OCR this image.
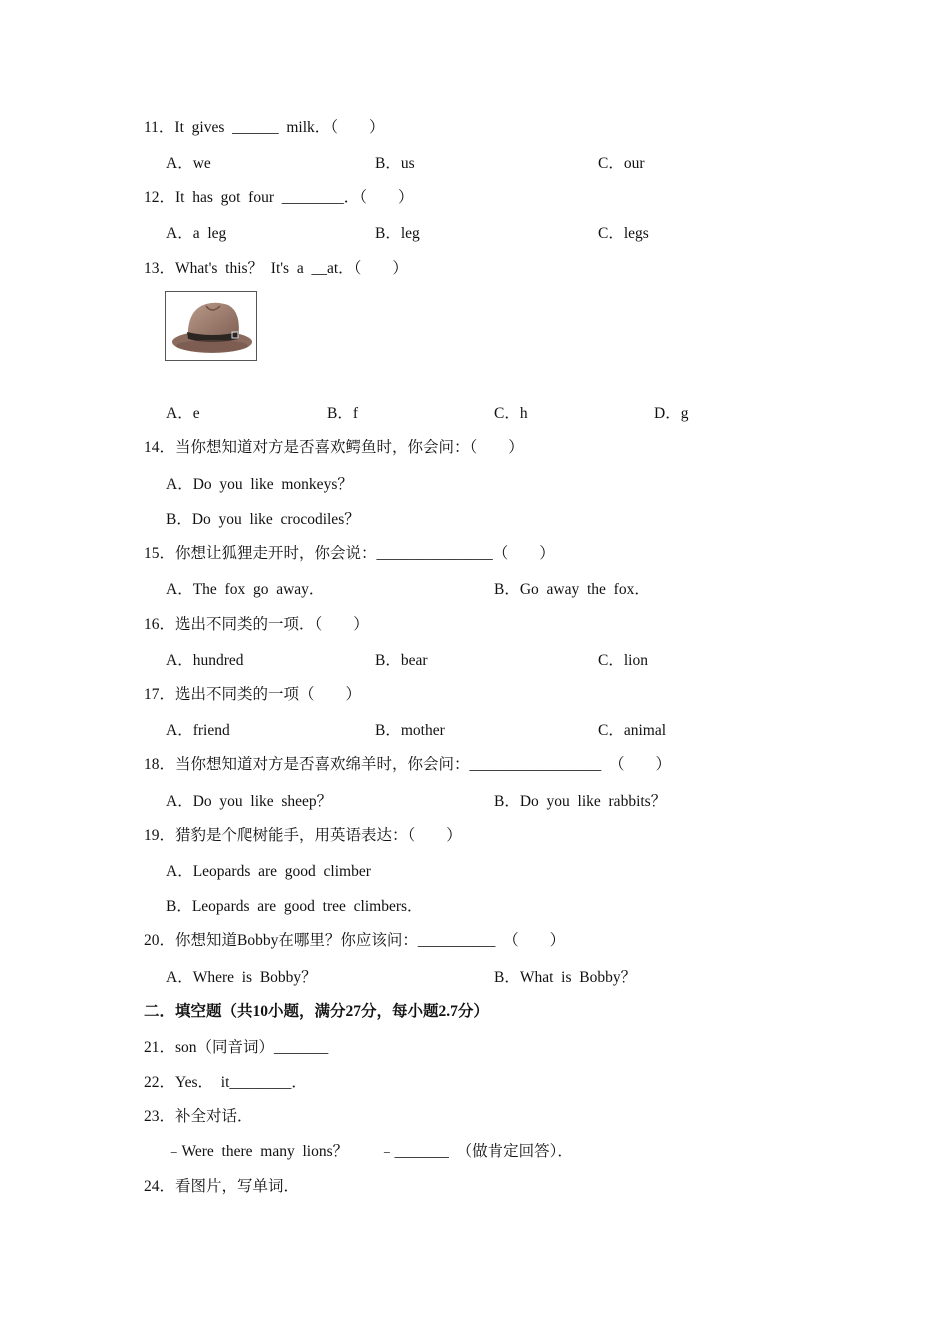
11．It  gives  ______  milk．（　　）
A．we	B．us	C．our
12．It  has  got  four  ________．（　　）
A．a  leg	B．leg	C．legs
13．What's  this？  It's  a  __at．（　　）
A．e	B．f	C．h	D．g
14．当你想知道对方是否喜欢鳄鱼时，你会问：（　　）
A．Do  you  like  monkeys？
B．Do  you  like  crocodiles？
15．你想让狐狸走开时，你会说：_______________（　　）
A．The  fox  go  away．	B．Go  away  the  fox．
16．选出不同类的一项．（　　）
A．hundred	B．bear	C．lion
17．选出不同类的一项（　　）
A．friend	B．mother	C．animal
18．当你想知道对方是否喜欢绵羊时，你会问：_________________  （　　）
A．Do  you  like  sheep？	B．Do  you  like  rabbits？
19．猎豹是个爬树能手，用英语表达：（　　）
A．Leopards  are  good  climber
B．Leopards  are  good  tree  climbers．
20．你想知道Bobby在哪里？你应该问：__________  （　　）
A．Where  is  Bobby？	B．What  is  Bobby？
二．填空题（共10小题，满分27分，每小题2.7分）
21．son（同音词）_______
22．Yes．  it________．
23．补全对话．
﹣Were  there  many  lions？　　﹣_______　（做肯定回答）．
24．看图片，写单词．
